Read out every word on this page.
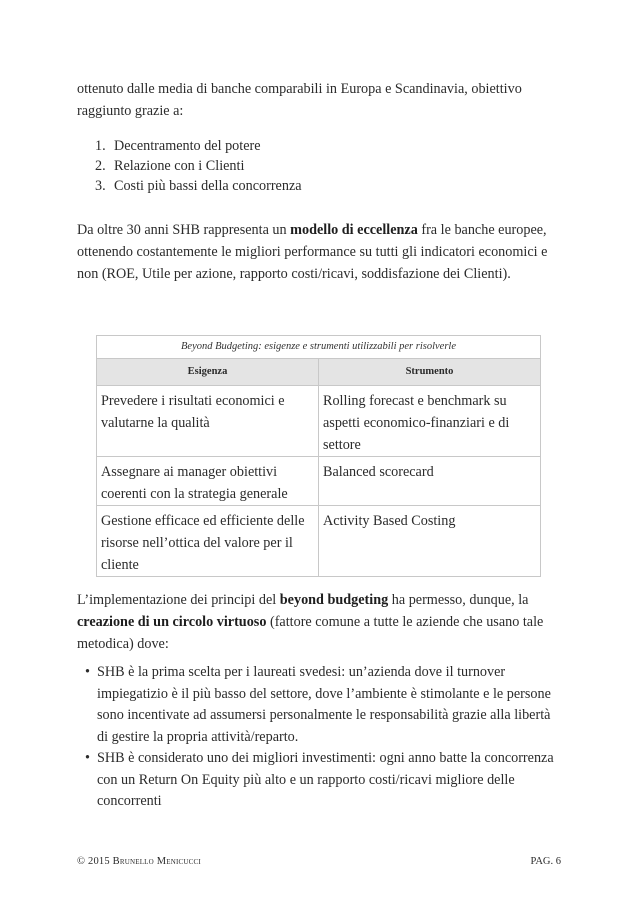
ottenuto dalle media di banche comparabili in Europa e Scandinavia, obiettivo raggiunto grazie a:

1. Decentramento del potere
2. Relazione con i Clienti
3. Costi più bassi della concorrenza

Da oltre 30 anni SHB rappresenta un modello di eccellenza fra le banche europee, ottenendo costantemente le migliori performance su tutti gli indicatori economici e non (ROE, Utile per azione, rapporto costi/ricavi, soddisfazione dei Clienti).

Beyond Budgeting: esigenze e strumenti utilizzabili per risolverle	
Esigenza	Strumento
Prevedere i risultati economici e valutarne la qualità	Rolling forecast e benchmark su aspetti economico-finanziari e di settore
Assegnare ai manager obiettivi coerenti con la strategia generale	Balanced scorecard
Gestione efficace ed efficiente delle risorse nell’ottica del valore per il cliente	Activity Based Costing

L’implementazione dei principi del beyond budgeting ha permesso, dunque, la creazione di un circolo virtuoso (fattore comune a tutte le aziende che usano tale metodica) dove:

• SHB è la prima scelta per i laureati svedesi: un’azienda dove il turnover impiegatizio è il più basso del settore, dove l’ambiente è stimolante e le persone sono incentivate ad assumersi personalmente le responsabilità grazie alla libertà di gestire la propria attività/reparto.
• SHB è considerato uno dei migliori investimenti: ogni anno batte la concorrenza con un Return On Equity più alto e un rapporto costi/ricavi migliore delle concorrenti
© 2015 Brunello Menicucci	PAG. 6
